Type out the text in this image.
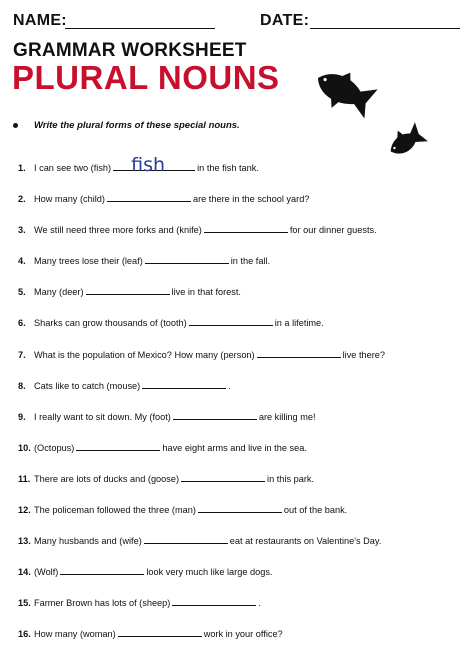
NAME:	DATE:
GRAMMAR WORKSHEET
PLURAL NOUNS
Write the plural forms of these special nouns.
1. I can see two (fish) fish	in the fish tank.
2. How many (child)	are there in the school yard?
3. We still need three more forks and (knife)	for our dinner guests.
4. Many trees lose their (leaf)	in the fall.
5. Many (deer)	live in that forest.
6. Sharks can grow thousands of (tooth)	in a lifetime.
7. What is the population of Mexico? How many (person)	live there?
8. Cats like to catch (mouse)	.
9. I really want to sit down. My (foot)	are killing me!
10. (Octopus)	have eight arms and live in the sea.
11. There are lots of ducks and (goose)	in this park.
12. The policeman followed the three (man)	out of the bank.
13. Many husbands and (wife)	eat at restaurants on Valentine's Day.
14. (Wolf)	look very much like large dogs.
15. Farmer Brown has lots of (sheep)	.
16. How many (woman)	work in your office?
